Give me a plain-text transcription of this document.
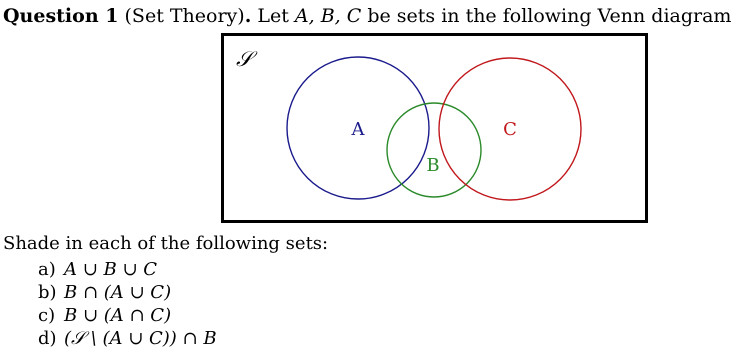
Question 1 (Set Theory). Let A, B, C be sets in the following Venn diagram
𝒮
A
B
C
Shade in each of the following sets:
a) A ∪ B ∪ C
b) B ∩ (A ∪ C)
c) B ∪ (A ∩ C)
d) (𝒮 \ (A ∪ C)) ∩ B
